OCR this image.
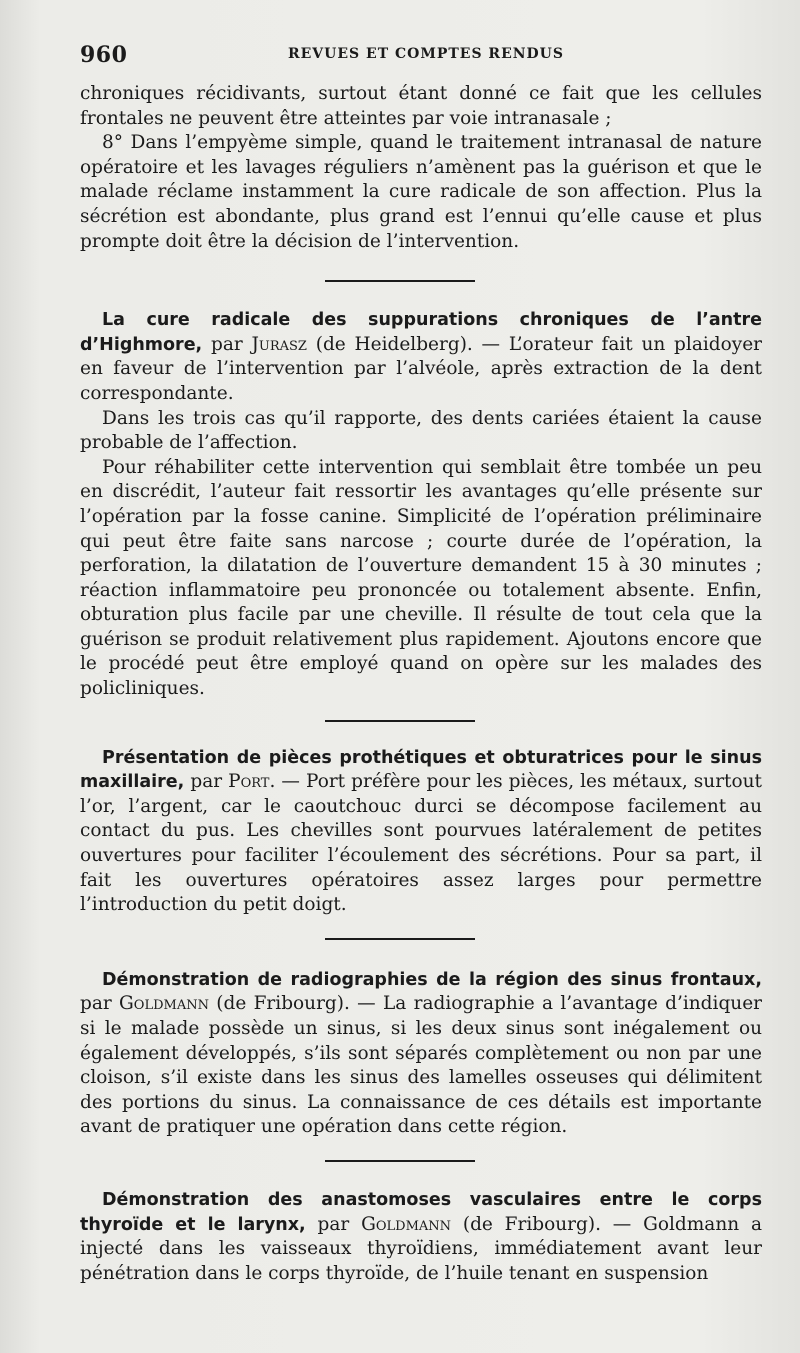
960	REVUES ET COMPTES RENDUS

chroniques récidivants, surtout étant donné ce fait que les cellules frontales ne peuvent être atteintes par voie intranasale ;

8° Dans l’empyème simple, quand le traitement intranasal de nature opératoire et les lavages réguliers n’amènent pas la guérison et que le malade réclame instamment la cure radicale de son affection. Plus la sécrétion est abondante, plus grand est l’ennui qu’elle cause et plus prompte doit être la décision de l’intervention.

La cure radicale des suppurations chroniques de l’antre d’Highmore, par Jurasz (de Heidelberg). — L’orateur fait un plaidoyer en faveur de l’intervention par l’alvéole, après extraction de la dent correspondante.

Dans les trois cas qu’il rapporte, des dents cariées étaient la cause probable de l’affection.

Pour réhabiliter cette intervention qui semblait être tombée un peu en discrédit, l’auteur fait ressortir les avantages qu’elle présente sur l’opération par la fosse canine. Simplicité de l’opération préliminaire qui peut être faite sans narcose ; courte durée de l’opération, la perforation, la dilatation de l’ouverture demandent 15 à 30 minutes ; réaction inflammatoire peu prononcée ou totalement absente. Enfin, obturation plus facile par une cheville. Il résulte de tout cela que la guérison se produit relativement plus rapidement. Ajoutons encore que le procédé peut être employé quand on opère sur les malades des policliniques.

Présentation de pièces prothétiques et obturatrices pour le sinus maxillaire, par Port. — Port préfère pour les pièces, les métaux, surtout l’or, l’argent, car le caoutchouc durci se décompose facilement au contact du pus. Les chevilles sont pourvues latéralement de petites ouvertures pour faciliter l’écoulement des sécrétions. Pour sa part, il fait les ouvertures opératoires assez larges pour permettre l’introduction du petit doigt.

Démonstration de radiographies de la région des sinus frontaux, par Goldmann (de Fribourg). — La radiographie a l’avantage d’indiquer si le malade possède un sinus, si les deux sinus sont inégalement ou également développés, s’ils sont séparés complètement ou non par une cloison, s’il existe dans les sinus des lamelles osseuses qui délimitent des portions du sinus. La connaissance de ces détails est importante avant de pratiquer une opération dans cette région.

Démonstration des anastomoses vasculaires entre le corps thyroïde et le larynx, par Goldmann (de Fribourg). — Goldmann a injecté dans les vaisseaux thyroïdiens, immédiatement avant leur pénétration dans le corps thyroïde, de l’huile tenant en suspension
